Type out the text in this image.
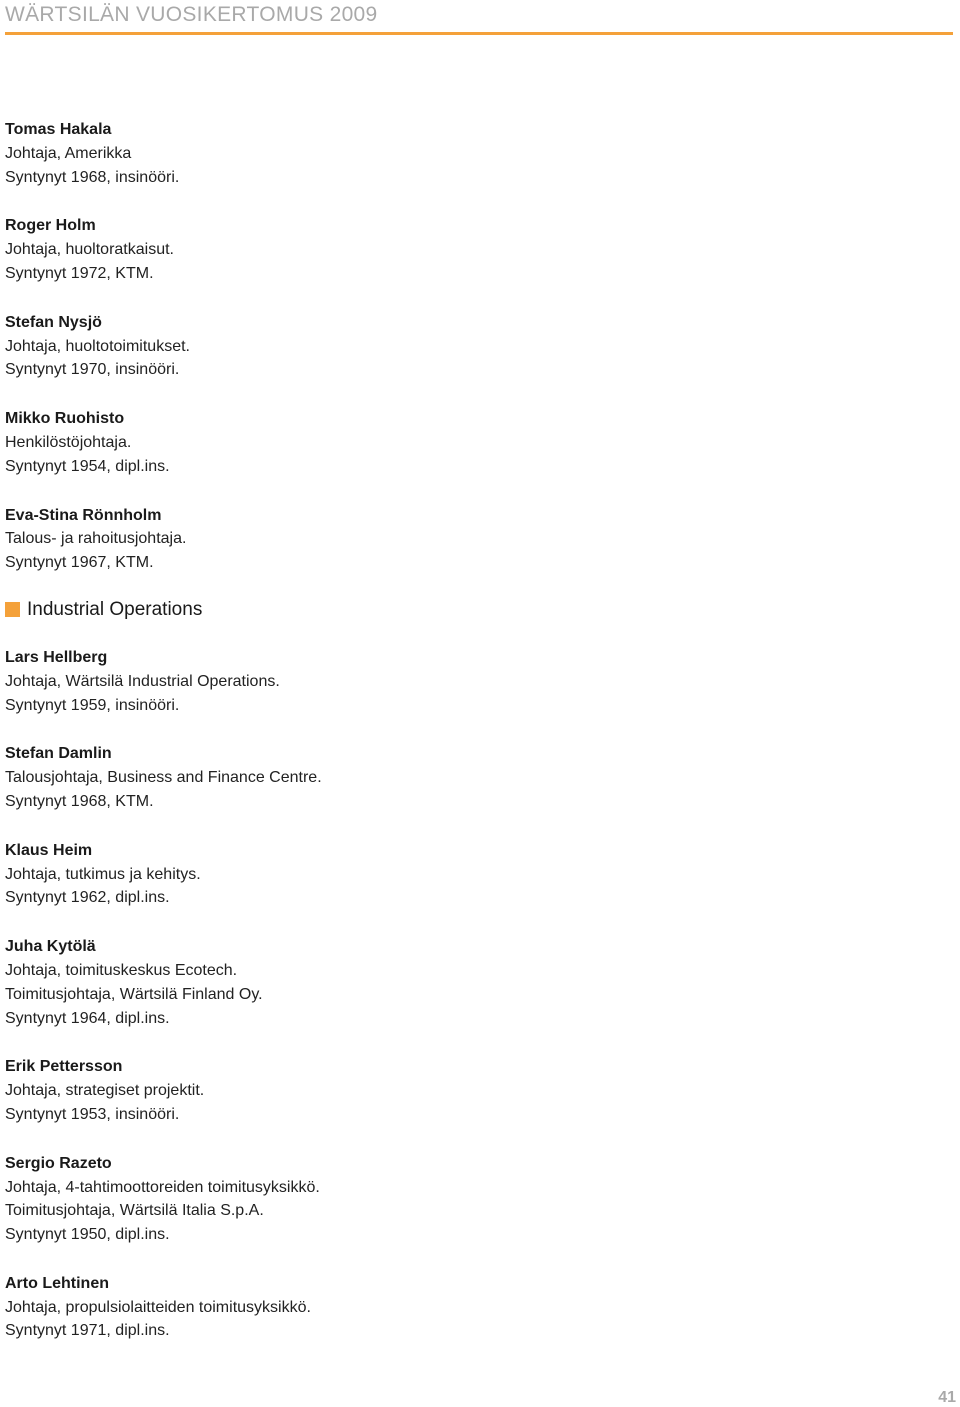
WÄRTSILÄN VUOSIKERTOMUS 2009
Tomas Hakala
Johtaja, Amerikka
Syntynyt 1968, insinööri.
Roger Holm
Johtaja, huoltoratkaisut.
Syntynyt 1972, KTM.
Stefan Nysjö
Johtaja, huoltotoimitukset.
Syntynyt 1970, insinööri.
Mikko Ruohisto
Henkilöstöjohtaja.
Syntynyt 1954, dipl.ins.
Eva-Stina Rönnholm
Talous- ja rahoitusjohtaja.
Syntynyt 1967, KTM.
Industrial Operations
Lars Hellberg
Johtaja, Wärtsilä Industrial Operations.
Syntynyt 1959, insinööri.
Stefan Damlin
Talousjohtaja, Business and Finance Centre.
Syntynyt 1968, KTM.
Klaus Heim
Johtaja, tutkimus ja kehitys.
Syntynyt 1962, dipl.ins.
Juha Kytölä
Johtaja, toimituskeskus Ecotech.
Toimitusjohtaja, Wärtsilä Finland Oy.
Syntynyt 1964, dipl.ins.
Erik Pettersson
Johtaja, strategiset projektit.
Syntynyt 1953, insinööri.
Sergio Razeto
Johtaja, 4-tahtimoottoreiden toimitusyksikkö.
Toimitusjohtaja, Wärtsilä Italia S.p.A.
Syntynyt 1950, dipl.ins.
Arto Lehtinen
Johtaja, propulsiolaitteiden toimitusyksikkö.
Syntynyt 1971, dipl.ins.
41
